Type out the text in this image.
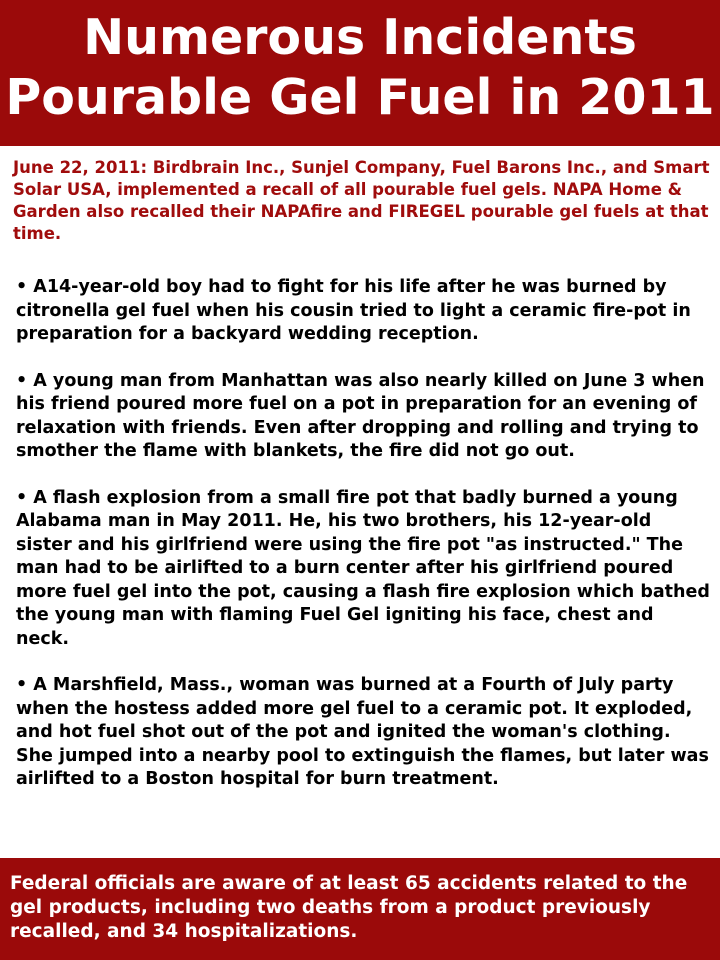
Numerous Incidents
Pourable Gel Fuel in 2011

June 22, 2011: Birdbrain Inc., Sunjel Company, Fuel Barons Inc., and Smart Solar USA, implemented a recall of all pourable fuel gels. NAPA Home & Garden also recalled their NAPAfire and FIREGEL pourable gel fuels at that time.

• A14-year-old boy had to fight for his life after he was burned by citronella gel fuel when his cousin tried to light a ceramic fire-pot in preparation for a backyard wedding reception.
• A young man from Manhattan was also nearly killed on June 3 when his friend poured more fuel on a pot in preparation for an evening of relaxation with friends. Even after dropping and rolling and trying to smother the flame with blankets, the fire did not go out.
• A flash explosion from a small fire pot that badly burned a young Alabama man in May 2011. He, his two brothers, his 12-year-old sister and his girlfriend were using the fire pot "as instructed." The man had to be airlifted to a burn center after his girlfriend poured more fuel gel into the pot, causing a flash fire explosion which bathed the young man with flaming Fuel Gel igniting his face, chest and neck.
• A Marshfield, Mass., woman was burned at a Fourth of July party when the hostess added more gel fuel to a ceramic pot. It exploded, and hot fuel shot out of the pot and ignited the woman's clothing. She jumped into a nearby pool to extinguish the flames, but later was airlifted to a Boston hospital for burn treatment.
Federal officials are aware of at least 65 accidents related to the gel products, including two deaths from a product previously recalled, and 34 hospitalizations.
